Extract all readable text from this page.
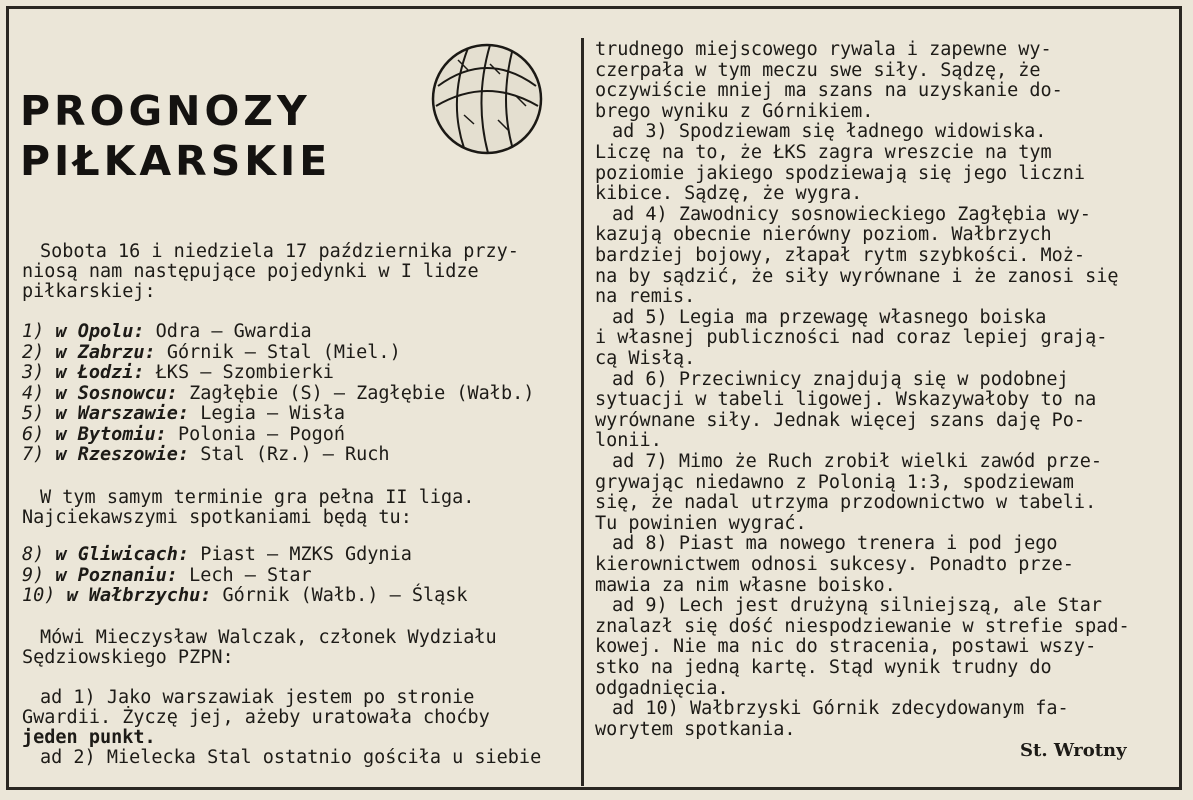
PROGNOZY
PIŁKARSKIE
St. Wrotny
Sobota 16 i niedziela 17 października przy-
niosą nam następujące pojedynki w I lidze
piłkarskiej:
1) w Opolu: Odra — Gwardia
2) w Zabrzu: Górnik — Stal (Miel.)
3) w Łodzi: ŁKS — Szombierki
4) w Sosnowcu: Zagłębie (S) — Zagłębie (Wałb.)
5) w Warszawie: Legia — Wisła
6) w Bytomiu: Polonia — Pogoń
7) w Rzeszowie: Stal (Rz.) — Ruch
W tym samym terminie gra pełna II liga.
Najciekawszymi spotkaniami będą tu:
8) w Gliwicach: Piast — MZKS Gdynia
9) w Poznaniu: Lech — Star
10) w Wałbrzychu: Górnik (Wałb.) — Śląsk
Mówi Mieczysław Walczak, członek Wydziału
Sędziowskiego PZPN:
ad 1) Jako warszawiak jestem po stronie
Gwardii. Życzę jej, ażeby uratowała choćby
jeden punkt.
ad 2) Mielecka Stal ostatnio gościła u siebie
trudnego miejscowego rywala i zapewne wy-
czerpała w tym meczu swe siły. Sądzę, że
oczywiście mniej ma szans na uzyskanie do-
brego wyniku z Górnikiem.
ad 3) Spodziewam się ładnego widowiska.
Liczę na to, że ŁKS zagra wreszcie na tym
poziomie jakiego spodziewają się jego liczni
kibice. Sądzę, że wygra.
ad 4) Zawodnicy sosnowieckiego Zagłębia wy-
kazują obecnie nierówny poziom. Wałbrzych
bardziej bojowy, złapał rytm szybkości. Moż-
na by sądzić, że siły wyrównane i że zanosi się
na remis.
ad 5) Legia ma przewagę własnego boiska
i własnej publiczności nad coraz lepiej grają-
cą Wisłą.
ad 6) Przeciwnicy znajdują się w podobnej
sytuacji w tabeli ligowej. Wskazywałoby to na
wyrównane siły. Jednak więcej szans daję Po-
lonii.
ad 7) Mimo że Ruch zrobił wielki zawód prze-
grywając niedawno z Polonią 1:3, spodziewam
się, że nadal utrzyma przodownictwo w tabeli.
Tu powinien wygrać.
ad 8) Piast ma nowego trenera i pod jego
kierownictwem odnosi sukcesy. Ponadto prze-
mawia za nim własne boisko.
ad 9) Lech jest drużyną silniejszą, ale Star
znalazł się dość niespodziewanie w strefie spad-
kowej. Nie ma nic do stracenia, postawi wszy-
stko na jedną kartę. Stąd wynik trudny do
odgadnięcia.
ad 10) Wałbrzyski Górnik zdecydowanym fa-
worytem spotkania.
